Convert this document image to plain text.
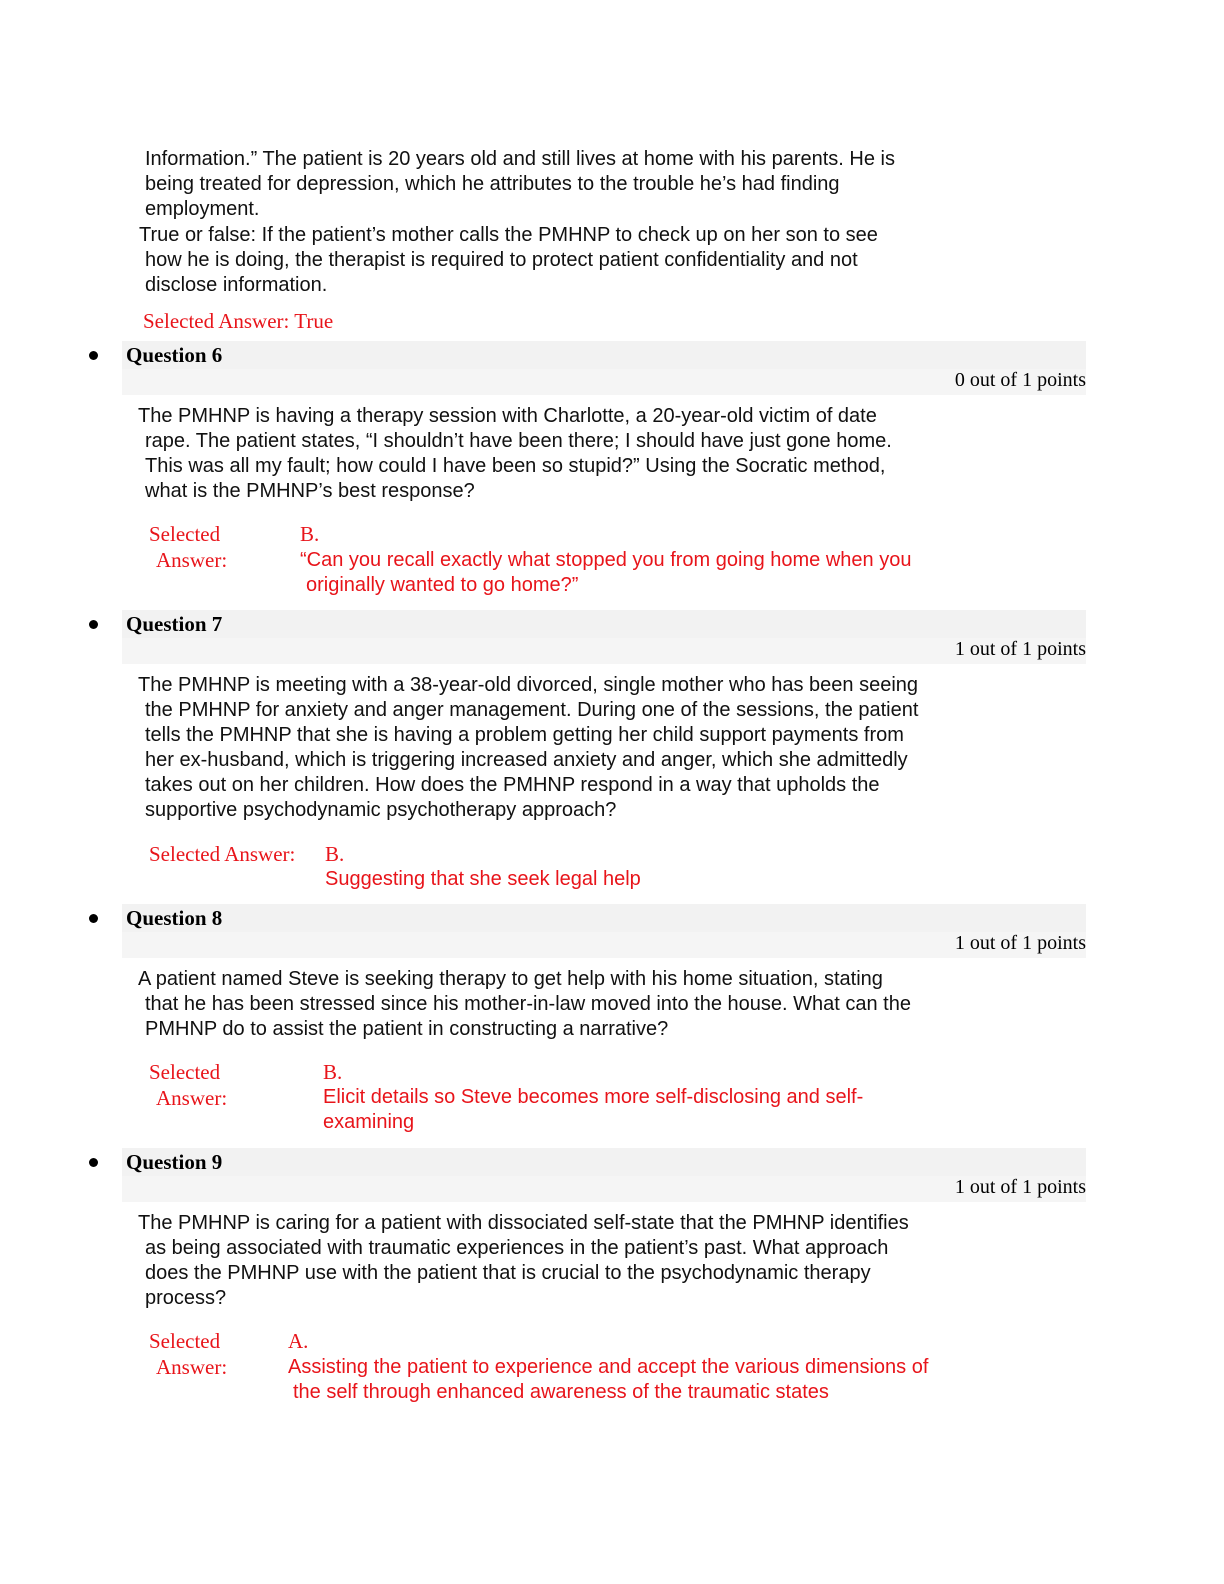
Information.” The patient is 20 years old and still lives at home with his parents. He is
being treated for depression, which he attributes to the trouble he’s had finding
employment.
True or false: If the patient’s mother calls the PMHNP to check up on her son to see
how he is doing, the therapist is required to protect patient confidentiality and not
disclose information.
Selected Answer: True
Question 6
0 out of 1 points
The PMHNP is having a therapy session with Charlotte, a 20-year-old victim of date
rape. The patient states, “I shouldn’t have been there; I should have just gone home.
This was all my fault; how could I have been so stupid?” Using the Socratic method,
what is the PMHNP’s best response?
Selected
Answer:
B.
“Can you recall exactly what stopped you from going home when you
originally wanted to go home?”
Question 7
1 out of 1 points
The PMHNP is meeting with a 38-year-old divorced, single mother who has been seeing
the PMHNP for anxiety and anger management. During one of the sessions, the patient
tells the PMHNP that she is having a problem getting her child support payments from
her ex-husband, which is triggering increased anxiety and anger, which she admittedly
takes out on her children. How does the PMHNP respond in a way that upholds the
supportive psychodynamic psychotherapy approach?
Selected Answer: B.
Suggesting that she seek legal help
Question 8
1 out of 1 points
A patient named Steve is seeking therapy to get help with his home situation, stating
that he has been stressed since his mother-in-law moved into the house. What can the
PMHNP do to assist the patient in constructing a narrative?
Selected
Answer:
B.
Elicit details so Steve becomes more self-disclosing and self-
examining
Question 9
1 out of 1 points
The PMHNP is caring for a patient with dissociated self-state that the PMHNP identifies
as being associated with traumatic experiences in the patient’s past. What approach
does the PMHNP use with the patient that is crucial to the psychodynamic therapy
process?
Selected
Answer:
A.
Assisting the patient to experience and accept the various dimensions of
the self through enhanced awareness of the traumatic states
